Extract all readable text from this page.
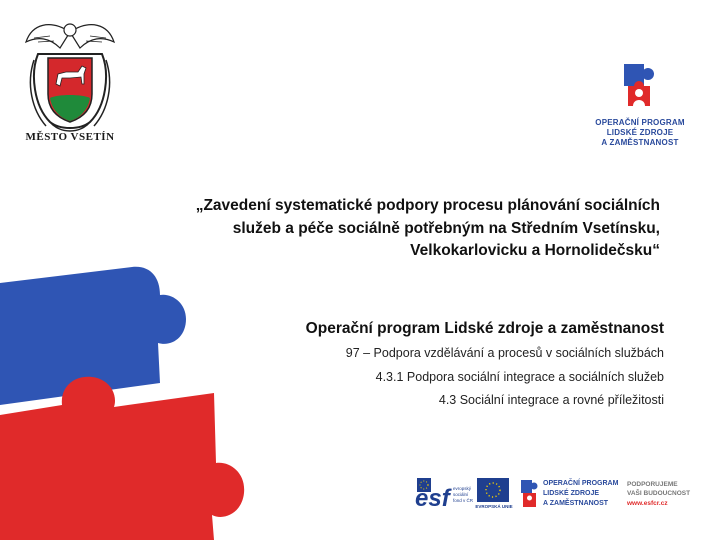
MĚSTO VSETÍN
OPERAČNÍ PROGRAM
LIDSKÉ ZDROJE
A ZAMĚSTNANOST
„Zavedení systematické podpory procesu plánování sociálních
služeb a péče sociálně potřebným na Středním Vsetínsku,
Velkokarlovicku a Hornolidečsku“
Operační program Lidské zdroje a zaměstnanost
97 – Podpora vzdělávání a procesů v sociálních službách
4.3.1 Podpora sociální integrace a sociálních služeb
4.3 Sociální integrace a rovné příležitosti
esf evropský sociální fond v ČR
EVROPSKÁ UNIE
OPERAČNÍ PROGRAM
LIDSKÉ ZDROJE
A ZAMĚSTNANOST
PODPORUJEME
VAŠI BUDOUCNOST
www.esfcr.cz
